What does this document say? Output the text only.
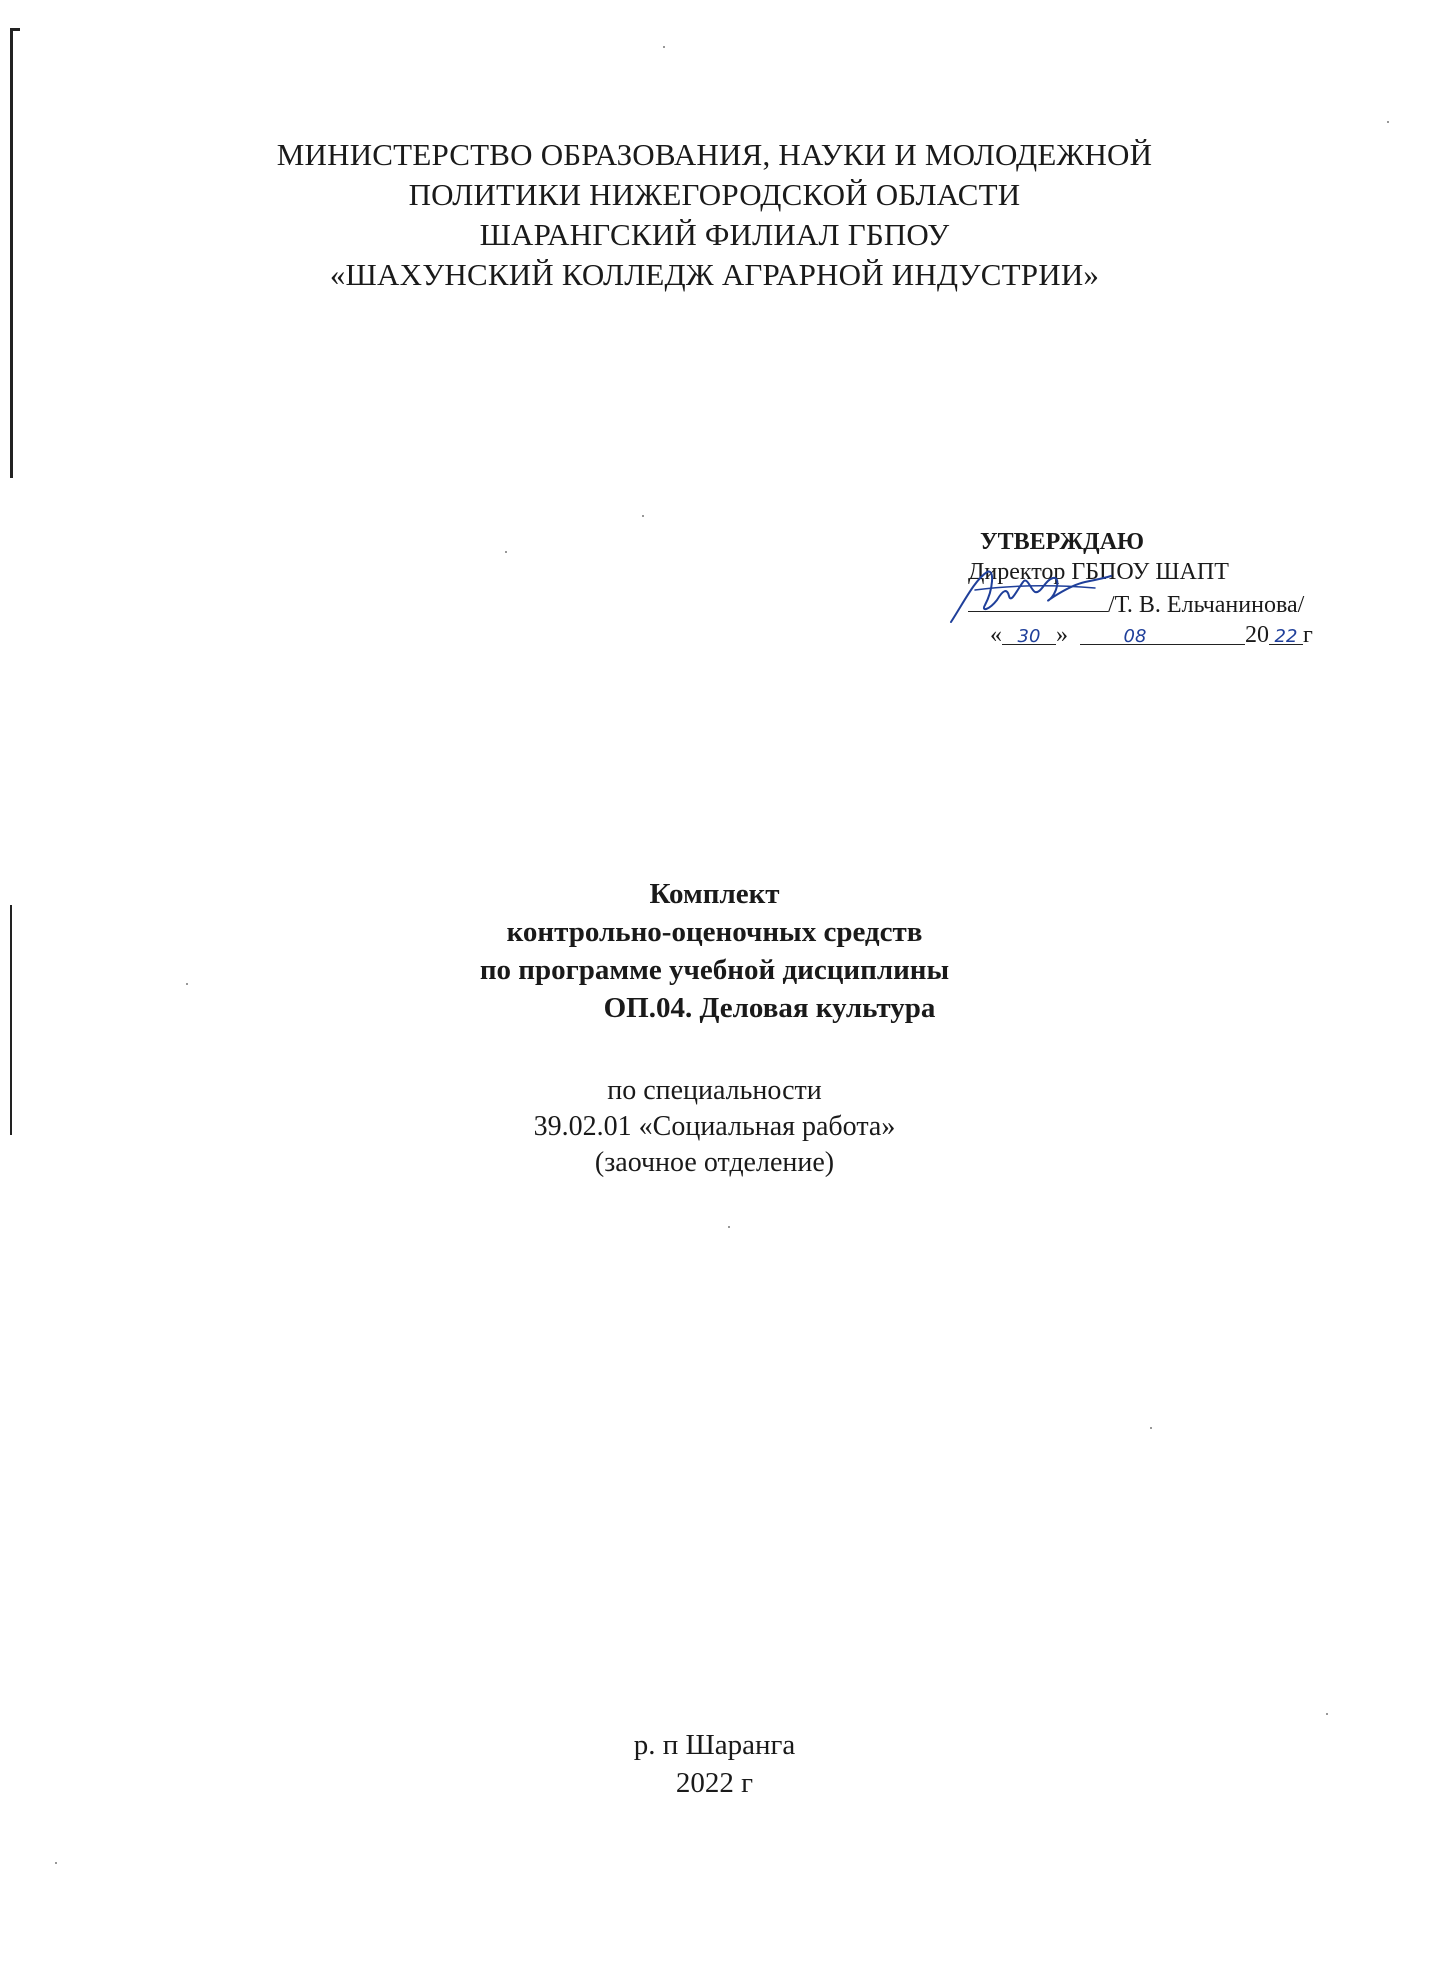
МИНИСТЕРСТВО ОБРАЗОВАНИЯ, НАУКИ И МОЛОДЕЖНОЙ
ПОЛИТИКИ НИЖЕГОРОДСКОЙ ОБЛАСТИ
ШАРАНГСКИЙ ФИЛИАЛ ГБПОУ
«ШАХУНСКИЙ КОЛЛЕДЖ АГРАРНОЙ ИНДУСТРИИ»
УТВЕРЖДАЮ
Директор ГБПОУ ШАПТ
/Т. В. Ельчанинова/
« 30 »	08	20 22 г
Комплект
контрольно-оценочных средств
по программе учебной дисциплины
ОП.04. Деловая культура
по специальности
39.02.01 «Социальная работа»
(заочное отделение)
р. п Шаранга
2022 г
